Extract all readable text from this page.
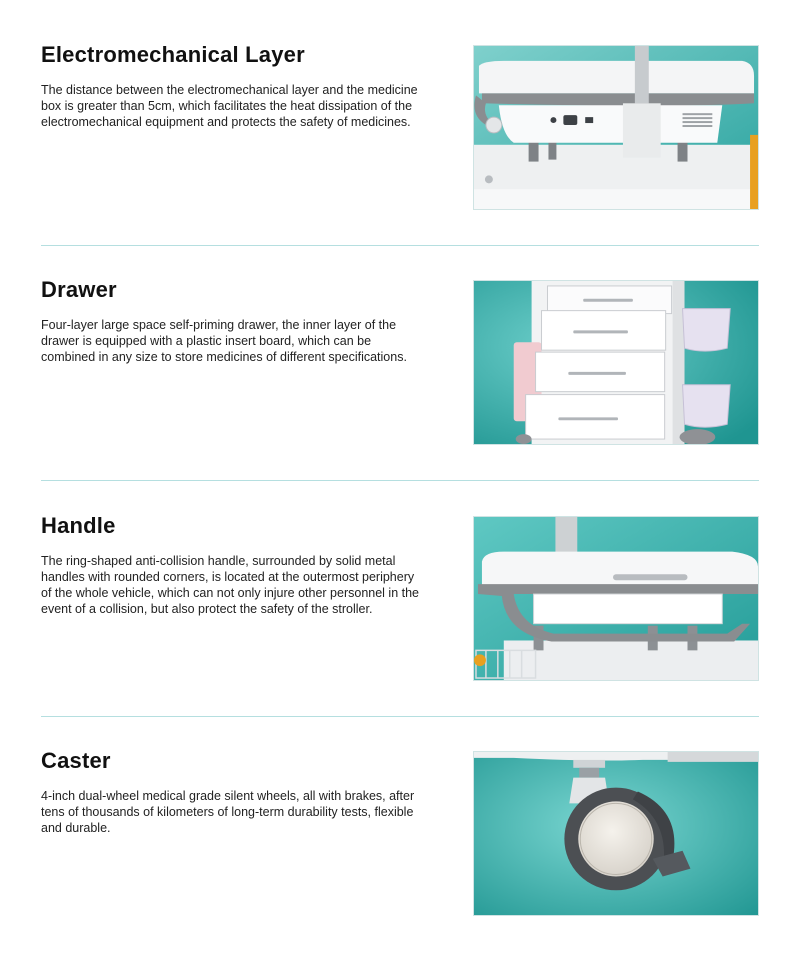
Electromechanical Layer

The distance between the electromechanical layer and the medicine box is greater than 5cm, which facilitates the heat dissipation of the electromechanical equipment and protects the safety of medicines.

Drawer

Four-layer large space self-priming drawer, the inner layer of the drawer is equipped with a plastic insert board, which can be combined in any size to store medicines of different specifications.

Handle

The ring-shaped anti-collision handle, surrounded by solid metal handles with rounded corners, is located at the outermost periphery of the whole vehicle, which can not only injure other personnel in the event of a collision, but also protect the safety of the stroller.

Caster

4-inch dual-wheel medical grade silent wheels, all with brakes, after tens of thousands of kilometers of long-term durability tests, flexible and durable.
